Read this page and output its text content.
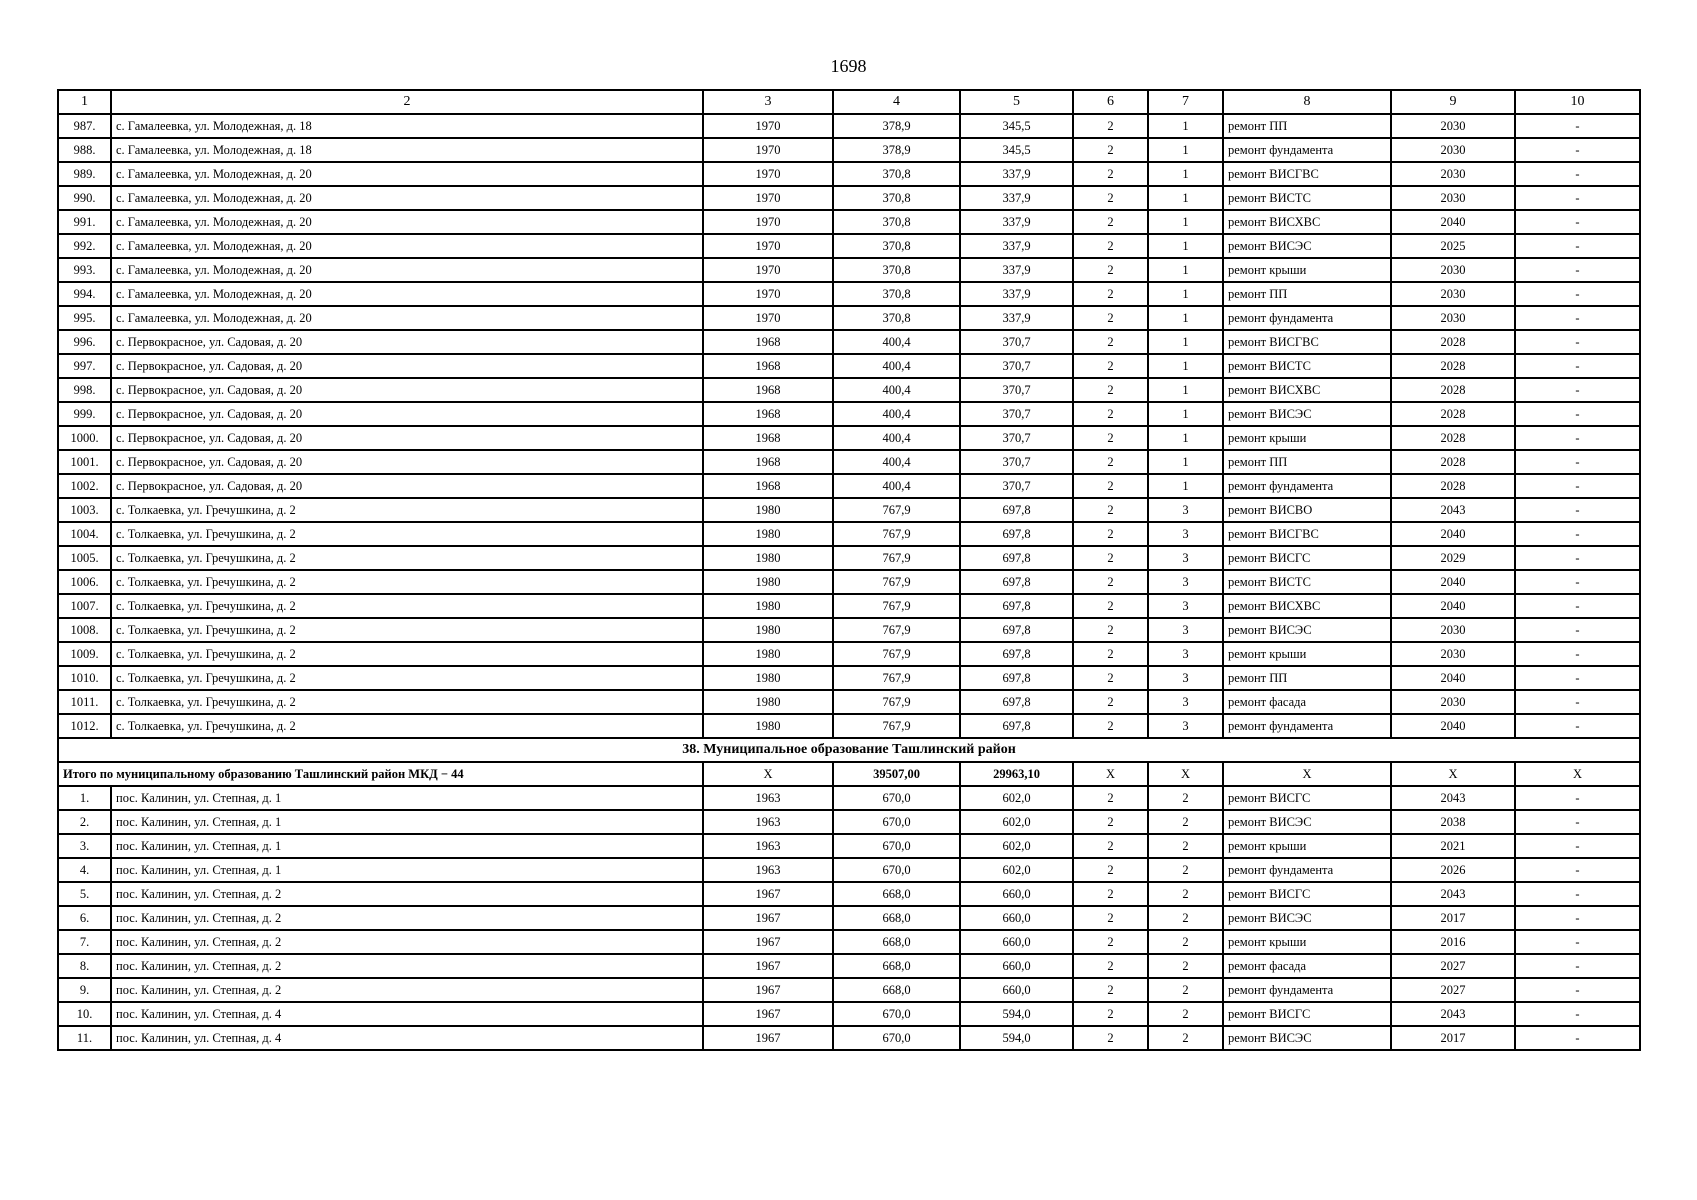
1698
1	2	3	4	5	6	7	8	9	10
987.	с. Гамалеевка, ул. Молодежная, д. 18	1970	378,9	345,5	2	1	ремонт ПП	2030	-
988.	с. Гамалеевка, ул. Молодежная, д. 18	1970	378,9	345,5	2	1	ремонт фундамента	2030	-
989.	с. Гамалеевка, ул. Молодежная, д. 20	1970	370,8	337,9	2	1	ремонт ВИСГВС	2030	-
990.	с. Гамалеевка, ул. Молодежная, д. 20	1970	370,8	337,9	2	1	ремонт ВИСТС	2030	-
991.	с. Гамалеевка, ул. Молодежная, д. 20	1970	370,8	337,9	2	1	ремонт ВИСХВС	2040	-
992.	с. Гамалеевка, ул. Молодежная, д. 20	1970	370,8	337,9	2	1	ремонт ВИСЭС	2025	-
993.	с. Гамалеевка, ул. Молодежная, д. 20	1970	370,8	337,9	2	1	ремонт крыши	2030	-
994.	с. Гамалеевка, ул. Молодежная, д. 20	1970	370,8	337,9	2	1	ремонт ПП	2030	-
995.	с. Гамалеевка, ул. Молодежная, д. 20	1970	370,8	337,9	2	1	ремонт фундамента	2030	-
996.	с. Первокрасное, ул. Садовая, д. 20	1968	400,4	370,7	2	1	ремонт ВИСГВС	2028	-
997.	с. Первокрасное, ул. Садовая, д. 20	1968	400,4	370,7	2	1	ремонт ВИСТС	2028	-
998.	с. Первокрасное, ул. Садовая, д. 20	1968	400,4	370,7	2	1	ремонт ВИСХВС	2028	-
999.	с. Первокрасное, ул. Садовая, д. 20	1968	400,4	370,7	2	1	ремонт ВИСЭС	2028	-
1000.	с. Первокрасное, ул. Садовая, д. 20	1968	400,4	370,7	2	1	ремонт крыши	2028	-
1001.	с. Первокрасное, ул. Садовая, д. 20	1968	400,4	370,7	2	1	ремонт ПП	2028	-
1002.	с. Первокрасное, ул. Садовая, д. 20	1968	400,4	370,7	2	1	ремонт фундамента	2028	-
1003.	с. Толкаевка, ул. Гречушкина, д. 2	1980	767,9	697,8	2	3	ремонт ВИСВО	2043	-
1004.	с. Толкаевка, ул. Гречушкина, д. 2	1980	767,9	697,8	2	3	ремонт ВИСГВС	2040	-
1005.	с. Толкаевка, ул. Гречушкина, д. 2	1980	767,9	697,8	2	3	ремонт ВИСГС	2029	-
1006.	с. Толкаевка, ул. Гречушкина, д. 2	1980	767,9	697,8	2	3	ремонт ВИСТС	2040	-
1007.	с. Толкаевка, ул. Гречушкина, д. 2	1980	767,9	697,8	2	3	ремонт ВИСХВС	2040	-
1008.	с. Толкаевка, ул. Гречушкина, д. 2	1980	767,9	697,8	2	3	ремонт ВИСЭС	2030	-
1009.	с. Толкаевка, ул. Гречушкина, д. 2	1980	767,9	697,8	2	3	ремонт крыши	2030	-
1010.	с. Толкаевка, ул. Гречушкина, д. 2	1980	767,9	697,8	2	3	ремонт ПП	2040	-
1011.	с. Толкаевка, ул. Гречушкина, д. 2	1980	767,9	697,8	2	3	ремонт фасада	2030	-
1012.	с. Толкаевка, ул. Гречушкина, д. 2	1980	767,9	697,8	2	3	ремонт фундамента	2040	-
38. Муниципальное образование Ташлинский район									
Итого по муниципальному образованию Ташлинский район МКД − 44		X	39507,00	29963,10	X	X	X	X	X
1.	пос. Калинин, ул. Степная, д. 1	1963	670,0	602,0	2	2	ремонт ВИСГС	2043	-
2.	пос. Калинин, ул. Степная, д. 1	1963	670,0	602,0	2	2	ремонт ВИСЭС	2038	-
3.	пос. Калинин, ул. Степная, д. 1	1963	670,0	602,0	2	2	ремонт крыши	2021	-
4.	пос. Калинин, ул. Степная, д. 1	1963	670,0	602,0	2	2	ремонт фундамента	2026	-
5.	пос. Калинин, ул. Степная, д. 2	1967	668,0	660,0	2	2	ремонт ВИСГС	2043	-
6.	пос. Калинин, ул. Степная, д. 2	1967	668,0	660,0	2	2	ремонт ВИСЭС	2017	-
7.	пос. Калинин, ул. Степная, д. 2	1967	668,0	660,0	2	2	ремонт крыши	2016	-
8.	пос. Калинин, ул. Степная, д. 2	1967	668,0	660,0	2	2	ремонт фасада	2027	-
9.	пос. Калинин, ул. Степная, д. 2	1967	668,0	660,0	2	2	ремонт фундамента	2027	-
10.	пос. Калинин, ул. Степная, д. 4	1967	670,0	594,0	2	2	ремонт ВИСГС	2043	-
11.	пос. Калинин, ул. Степная, д. 4	1967	670,0	594,0	2	2	ремонт ВИСЭС	2017	-
